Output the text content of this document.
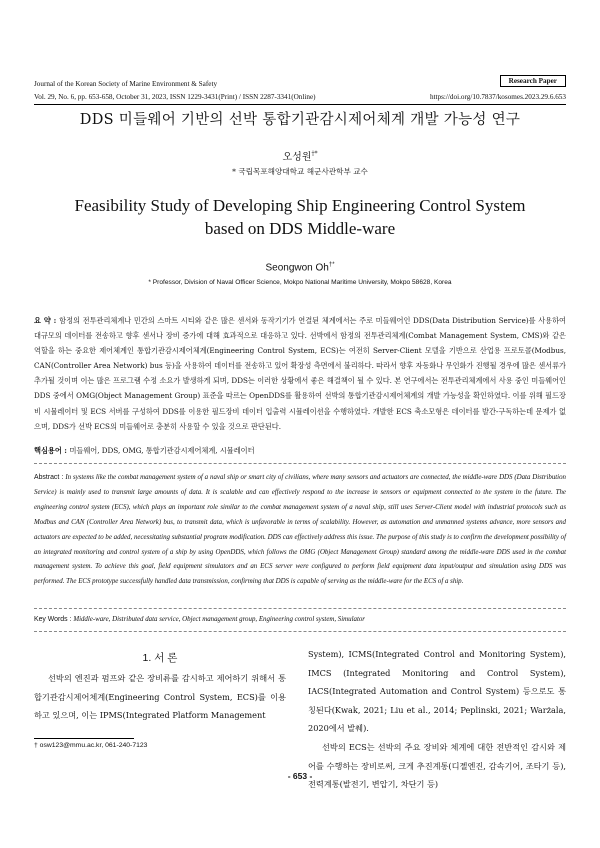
Research Paper
Journal of the Korean Society of Marine Environment & Safety
Vol. 29, No. 6, pp. 653-658, October 31, 2023, ISSN 1229-3431(Print) / ISSN 2287-3341(Online)	https://doi.org/10.7837/kosomes.2023.29.6.653
DDS 미들웨어 기반의 선박 통합기관감시제어체계 개발 가능성 연구
오성원†*
* 국립목포해양대학교 해군사관학부 교수
Feasibility Study of Developing Ship Engineering Control System based on DDS Middle-ware
Seongwon Oh†*
* Professor, Division of Naval Officer Science, Mokpo National Maritime University, Mokpo 58628, Korea
요 약 : 함정의 전투관리체계나 민간의 스마트 시티와 같은 많은 센서와 동작기기가 연결된 체계에서는 주로 미들웨어인 DDS(Data Distribution Service)를 사용하여 대규모의 데이터를 전송하고 향후 센서나 장비 증가에 대해 효과적으로 대응하고 있다. 선박에서 함정의 전투관리체계(Combat Management System, CMS)와 같은 역할을 하는 중요한 제어체계인 통합기관감시제어체계(Engineering Control System, ECS)는 여전히 Server-Client 모델을 기반으로 산업용 프로토콜(Modbus, CAN(Controller Area Network) bus 등)을 사용하여 데이터를 전송하고 있어 확장성 측면에서 불리하다. 따라서 향후 자동화나 무인화가 진행될 경우에 많은 센서류가 추가될 것이며 이는 많은 프로그램 수정 소요가 발생하게 되며, DDS는 이러한 상황에서 좋은 해결책이 될 수 있다. 본 연구에서는 전투관리체계에서 사용 중인 미들웨어인 DDS 중에서 OMG(Object Management Group) 표준을 따르는 OpenDDS를 활용하여 선박의 통합기관감시제어체계의 개발 가능성을 확인하였다. 이를 위해 필드장비 시뮬레이터 및 ECS 서버를 구성하여 DDS를 이용한 필드장비 데이터 입출력 시뮬레이션을 수행하였다. 개발한 ECS 축소모형은 데이터를 발간-구독하는데 문제가 없으며, DDS가 선박 ECS의 미들웨어로 충분히 사용할 수 있을 것으로 판단된다.
핵심용어 : 미들웨어, DDS, OMG, 통합기관감시제어체계, 시뮬레이터
Abstract : In systems like the combat management system of a naval ship or smart city of civilians, where many sensors and actuators are connected, the middle-ware DDS (Data Distribution Service) is mainly used to transmit large amounts of data. It is scalable and can effectively respond to the increase in sensors or equipment connected to the system in the future. The engineering control system (ECS), which plays an important role similar to the combat management system of a naval ship, still uses Server-Client model with industrial protocols such as Modbus and CAN (Controller Area Network) bus, to transmit data, which is unfavorable in terms of scalability. However, as automation and unmanned systems advance, more sensors and actuators are expected to be added, necessitating substantial program modification. DDS can effectively address this issue. The purpose of this study is to confirm the development possibility of an integrated monitoring and control system of a ship by using OpenDDS, which follows the OMG (Object Management Group) standard among the middle-ware DDS used in the combat management system. To achieve this goal, field equipment simulators and an ECS server were configured to perform field equipment data input/output and simulation using DDS was performed. The ECS prototype successfully handled data transmission, confirming that DDS is capable of serving as the middle-ware for the ECS of a ship.
Key Words : Middle-ware, Distributed data service, Object management group, Engineering control system, Simulator
1. 서 론
선박의 엔진과 펌프와 같은 장비류를 감시하고 제어하기 위해서 통합기관감시제어체계(Engineering Control System, ECS)를 이용하고 있으며, 이는 IPMS(Integrated Platform Management

System), ICMS(Integrated Control and Monitoring System), IMCS (Integrated Monitoring and Control System), IACS(Integrated Automation and Control System) 등으로도 통칭된다(Kwak, 2021; Liu et al., 2014; Peplinski, 2021; Warżala, 2020에서 발췌).

선박의 ECS는 선박의 주요 장비와 체계에 대한 전반적인 감시와 제어를 수행하는 장비로써, 크게 추진계통(디젤엔진, 감속기어, 조타기 등), 전력계통(발전기, 변압기, 차단기 등)

† osw123@mmu.ac.kr, 061-240-7123
- 653 -
